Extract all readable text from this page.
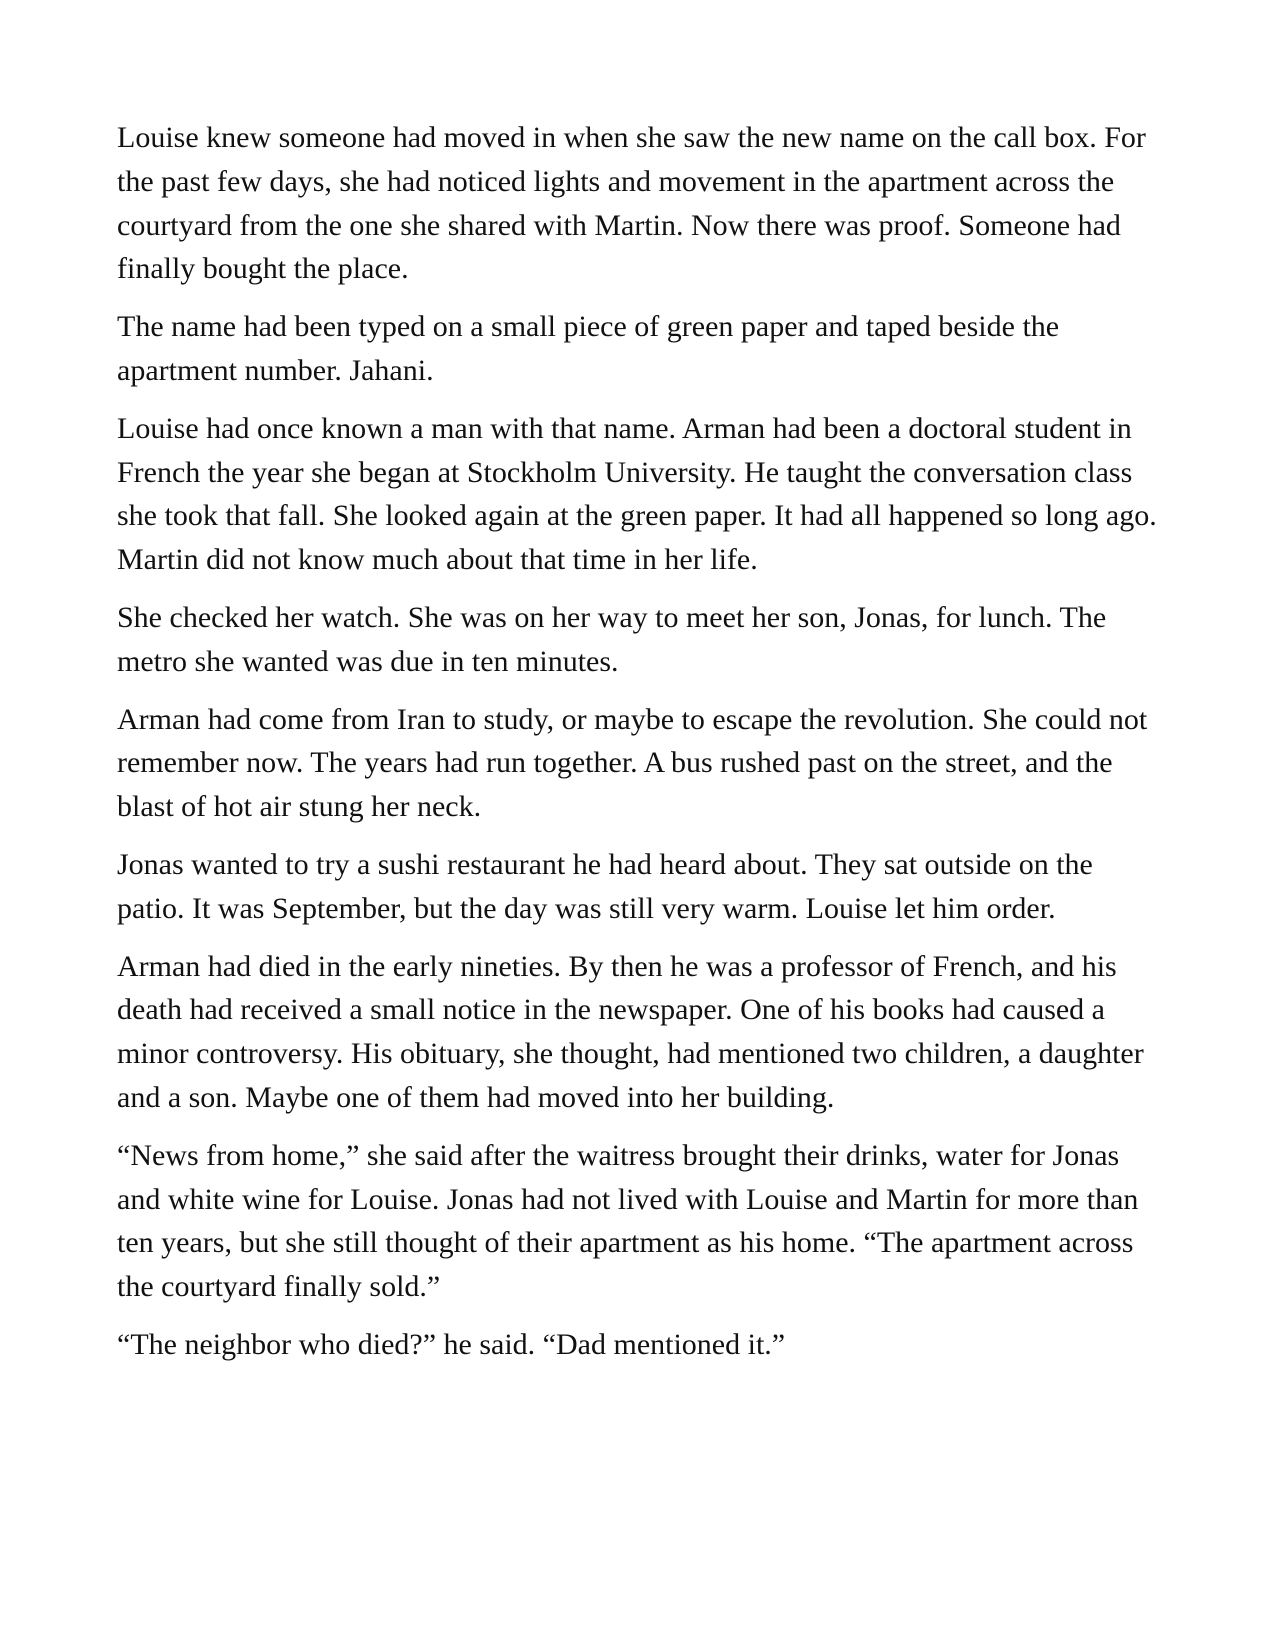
Louise knew someone had moved in when she saw the new name on the call box. For the past few days, she had noticed lights and movement in the apartment across the courtyard from the one she shared with Martin. Now there was proof. Someone had finally bought the place.

The name had been typed on a small piece of green paper and taped beside the apartment number. Jahani.

Louise had once known a man with that name. Arman had been a doctoral student in French the year she began at Stockholm University. He taught the conversation class she took that fall. She looked again at the green paper. It had all happened so long ago. Martin did not know much about that time in her life.

She checked her watch. She was on her way to meet her son, Jonas, for lunch. The metro she wanted was due in ten minutes.

Arman had come from Iran to study, or maybe to escape the revolution. She could not remember now. The years had run together. A bus rushed past on the street, and the blast of hot air stung her neck.

Jonas wanted to try a sushi restaurant he had heard about. They sat outside on the patio. It was September, but the day was still very warm. Louise let him order.

Arman had died in the early nineties. By then he was a professor of French, and his death had received a small notice in the newspaper. One of his books had caused a minor controversy. His obituary, she thought, had mentioned two children, a daughter and a son. Maybe one of them had moved into her building.

“News from home,” she said after the waitress brought their drinks, water for Jonas and white wine for Louise. Jonas had not lived with Louise and Martin for more than ten years, but she still thought of their apartment as his home. “The apartment across the courtyard finally sold.”

“The neighbor who died?” he said. “Dad mentioned it.”
